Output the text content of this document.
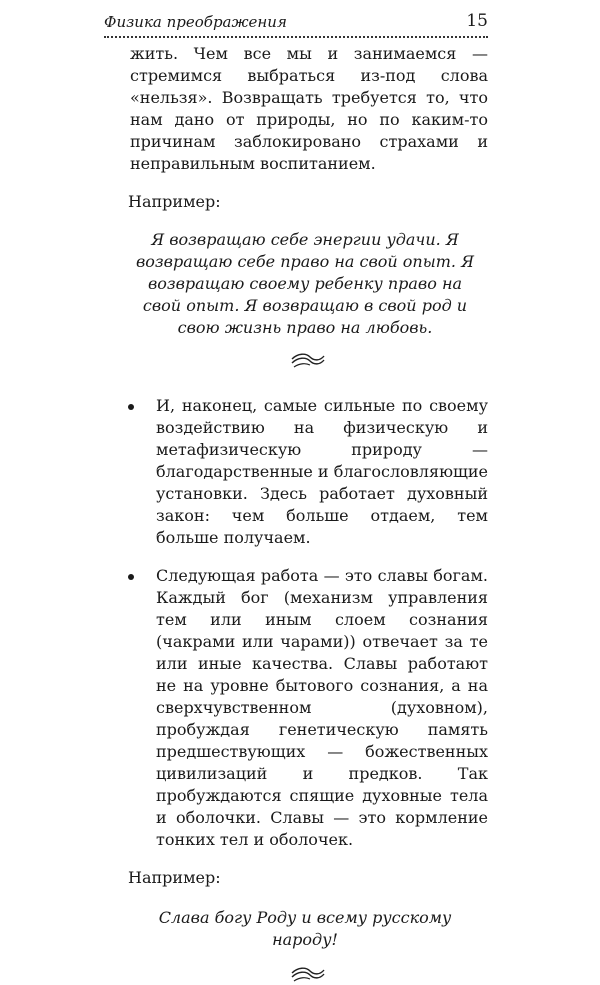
Физика преображения	15

жить. Чем все мы и занимаемся — стремимся выбраться из-под слова «нельзя». Возвращать требуется то, что нам дано от природы, но по каким-то причинам заблокировано страхами и неправильным воспитанием.

Например:

Я возвращаю себе энергии удачи. Я возвращаю себе право на свой опыт. Я возвращаю своему ребенку право на свой опыт. Я возвращаю в свой род и свою жизнь право на любовь.

И, наконец, самые сильные по своему воздействию на физическую и метафизическую природу — благодарственные и благословляющие установки. Здесь работает духовный закон: чем больше отдаем, тем больше получаем.

Следующая работа — это славы богам. Каждый бог (механизм управления тем или иным слоем сознания (чакрами или чарами)) отвечает за те или иные качества. Славы работают не на уровне бытового сознания, а на сверхчувственном (духовном), пробуждая генетическую память предшествующих — божественных цивилизаций и предков. Так пробуждаются спящие духовные тела и оболочки. Славы — это кормление тонких тел и оболочек.

Например:

Слава богу Роду и всему русскому народу!
